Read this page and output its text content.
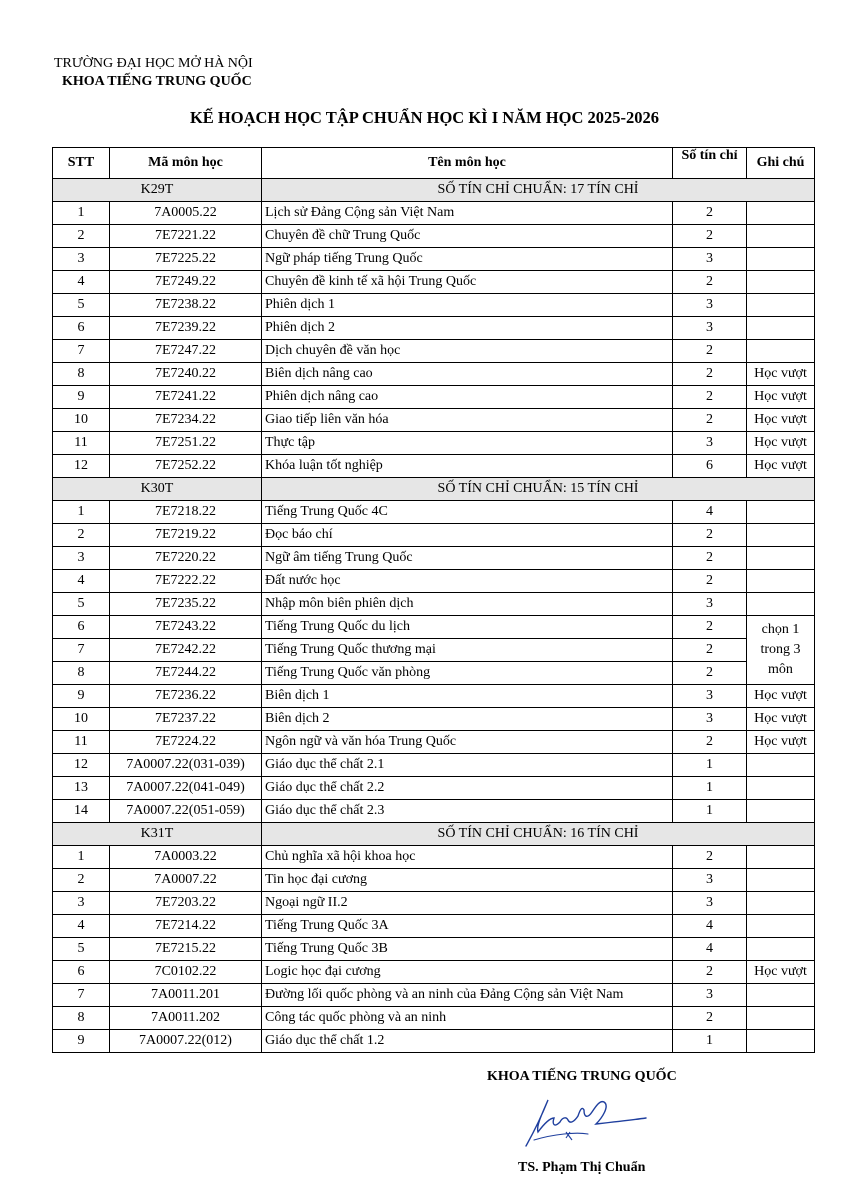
TRƯỜNG ĐẠI HỌC MỞ HÀ NỘI
KHOA TIẾNG TRUNG QUỐC
KẾ HOẠCH HỌC TẬP CHUẨN HỌC KÌ I NĂM HỌC 2025-2026
STT	Mã môn học	Tên môn học	Số tín chỉ	Ghi chú
K29T		SỐ TÍN CHỈ CHUẨN: 17 TÍN CHỈ		
1	7A0005.22	Lịch sử Đảng Cộng sản Việt Nam	2	
2	7E7221.22	Chuyên đề chữ Trung Quốc	2	
3	7E7225.22	Ngữ pháp tiếng Trung Quốc	3	
4	7E7249.22	Chuyên đề kinh tế xã hội Trung Quốc	2	
5	7E7238.22	Phiên dịch 1	3	
6	7E7239.22	Phiên dịch 2	3	
7	7E7247.22	Dịch chuyên đề văn học	2	
8	7E7240.22	Biên dịch nâng cao	2	Học vượt
9	7E7241.22	Phiên dịch nâng cao	2	Học vượt
10	7E7234.22	Giao tiếp liên văn hóa	2	Học vượt
11	7E7251.22	Thực tập	3	Học vượt
12	7E7252.22	Khóa luận tốt nghiệp	6	Học vượt
K30T		SỐ TÍN CHỈ CHUẨN: 15 TÍN CHỈ		
1	7E7218.22	Tiếng Trung Quốc 4C	4	
2	7E7219.22	Đọc báo chí	2	
3	7E7220.22	Ngữ âm tiếng Trung Quốc	2	
4	7E7222.22	Đất nước học	2	
5	7E7235.22	Nhập môn biên phiên dịch	3	
6	7E7243.22	Tiếng Trung Quốc du lịch	2	chọn 1 trong 3 môn
7	7E7242.22	Tiếng Trung Quốc thương mại	2	
8	7E7244.22	Tiếng Trung Quốc văn phòng	2	
9	7E7236.22	Biên dịch 1	3	Học vượt
10	7E7237.22	Biên dịch 2	3	Học vượt
11	7E7224.22	Ngôn ngữ và văn hóa Trung Quốc	2	Học vượt
12	7A0007.22(031-039)	Giáo dục thể chất 2.1	1	
13	7A0007.22(041-049)	Giáo dục thể chất 2.2	1	
14	7A0007.22(051-059)	Giáo dục thể chất 2.3	1	
K31T		SỐ TÍN CHỈ CHUẨN: 16 TÍN CHỈ		
1	7A0003.22	Chủ nghĩa xã hội khoa học	2	
2	7A0007.22	Tin học đại cương	3	
3	7E7203.22	Ngoại ngữ II.2	3	
4	7E7214.22	Tiếng Trung Quốc 3A	4	
5	7E7215.22	Tiếng Trung Quốc 3B	4	
6	7C0102.22	Logic học đại cương	2	Học vượt
7	7A0011.201	Đường lối quốc phòng và an ninh của Đảng Cộng sản Việt Nam	3	
8	7A0011.202	Công tác quốc phòng và an ninh	2	
9	7A0007.22(012)	Giáo dục thể chất 1.2	1	
KHOA TIẾNG TRUNG QUỐC
TS. Phạm Thị Chuẩn
